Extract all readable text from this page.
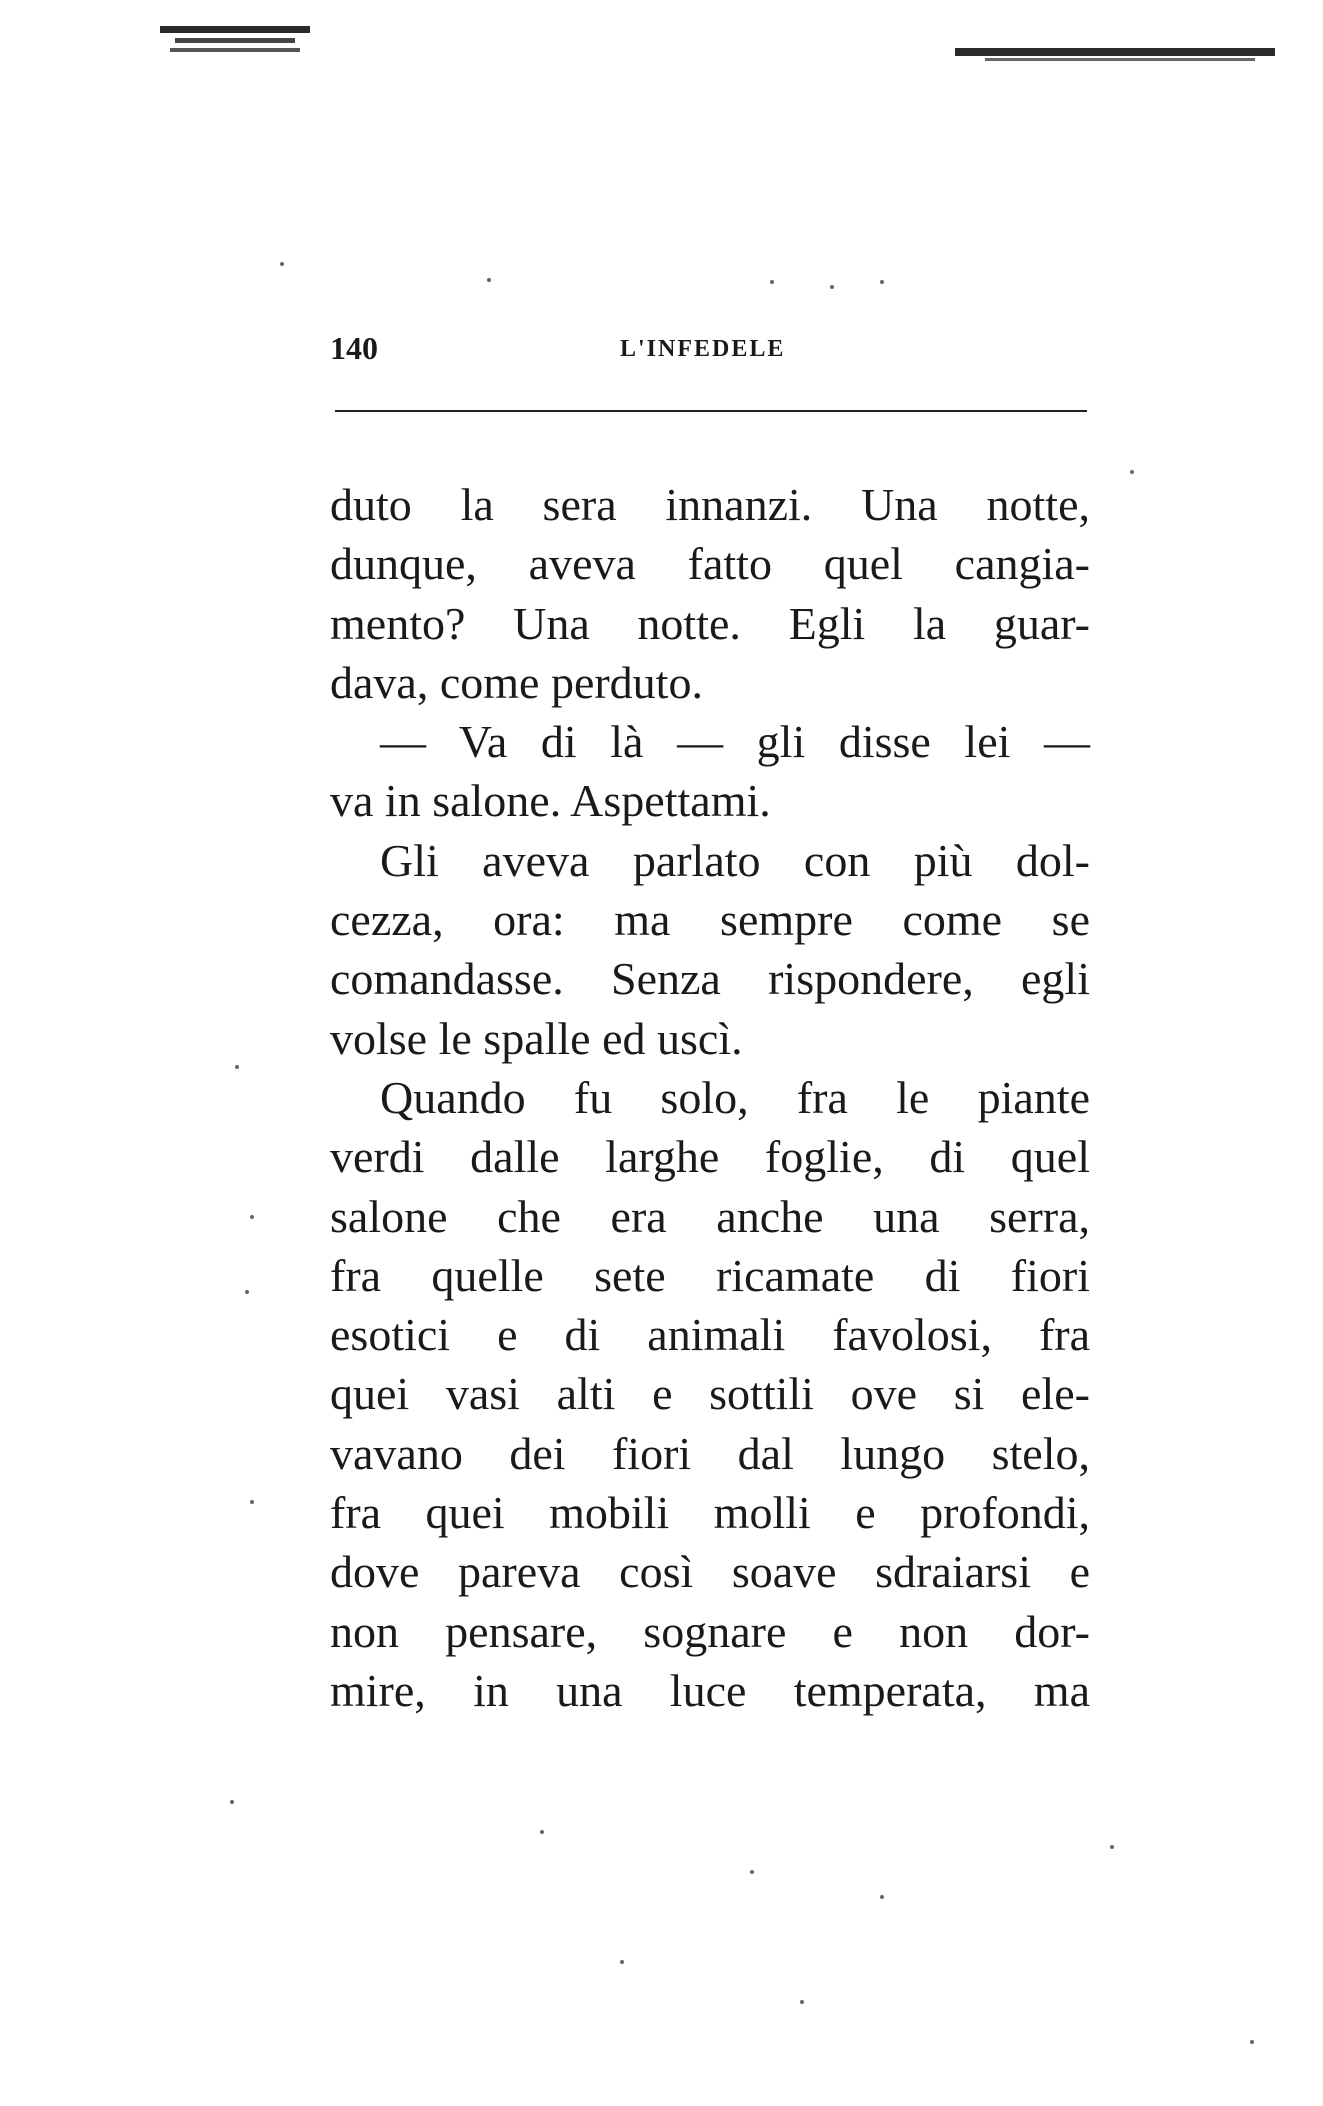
140	L'INFEDELE
duto la sera innanzi. Una notte,
dunque, aveva fatto quel cangia-
mento? Una notte. Egli la guar-
dava, come perduto.
— Va di là — gli disse lei —
va in salone. Aspettami.
Gli aveva parlato con più dol-
cezza, ora: ma sempre come se
comandasse. Senza rispondere, egli
volse le spalle ed uscì.
Quando fu solo, fra le piante
verdi dalle larghe foglie, di quel
salone che era anche una serra,
fra quelle sete ricamate di fiori
esotici e di animali favolosi, fra
quei vasi alti e sottili ove si ele-
vavano dei fiori dal lungo stelo,
fra quei mobili molli e profondi,
dove pareva così soave sdraiarsi e
non pensare, sognare e non dor-
mire, in una luce temperata, ma
